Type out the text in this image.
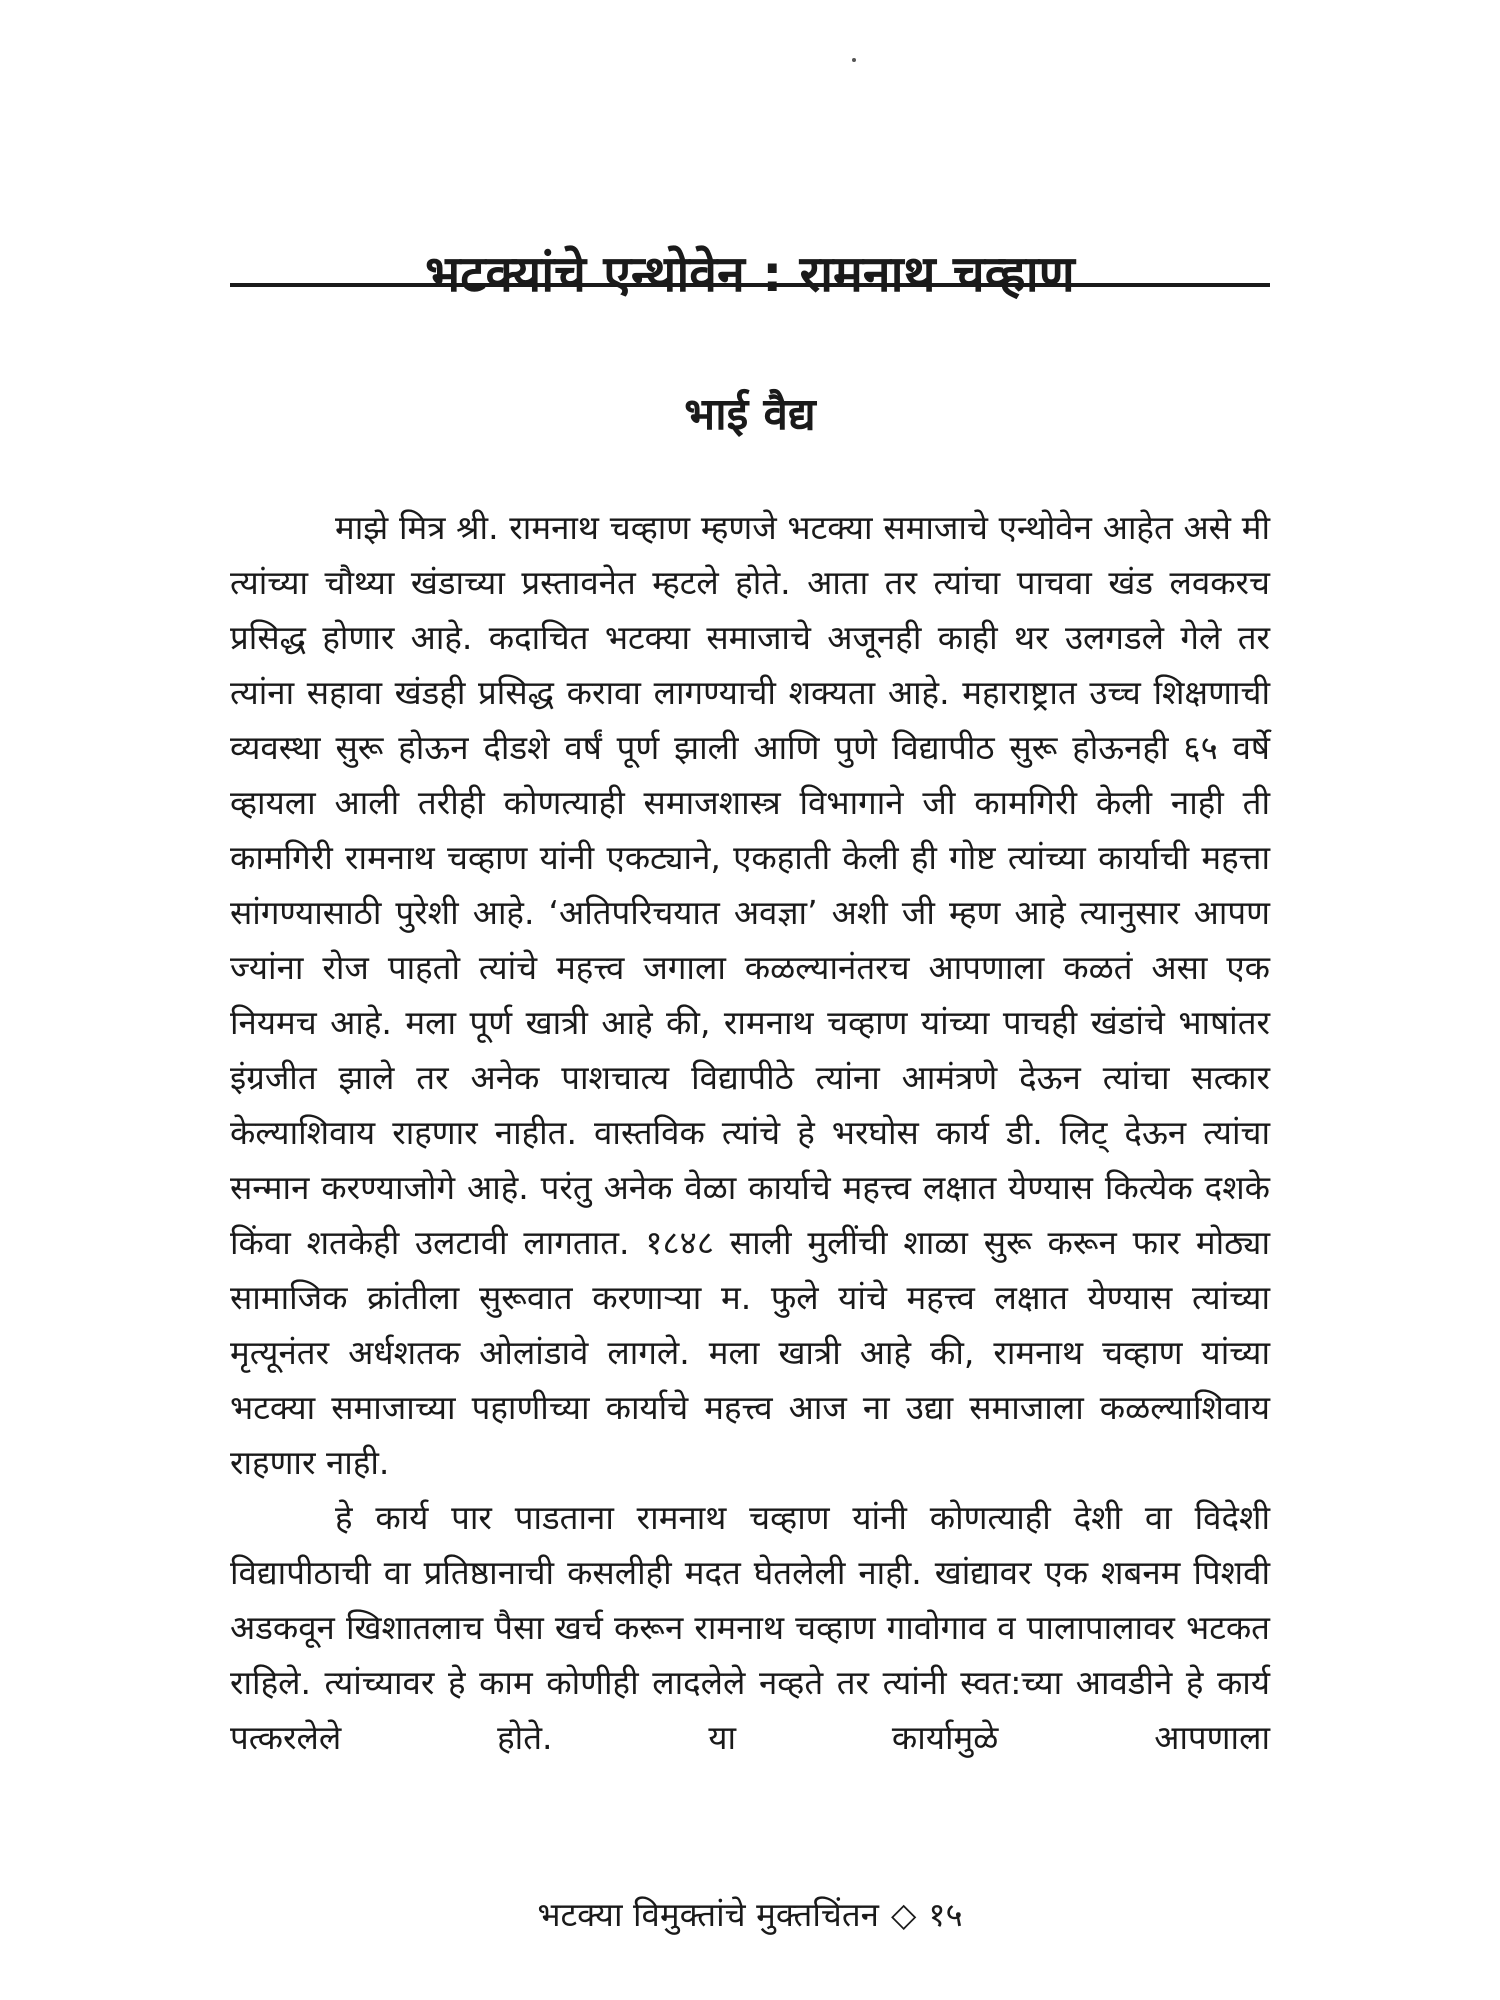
भटक्यांचे एन्थोवेन : रामनाथ चव्हाण
भाई वैद्य

माझे मित्र श्री. रामनाथ चव्हाण म्हणजे भटक्या समाजाचे एन्थोवेन आहेत असे मी त्यांच्या चौथ्या खंडाच्या प्रस्तावनेत म्हटले होते. आता तर त्यांचा पाचवा खंड लवकरच प्रसिद्ध होणार आहे. कदाचित भटक्या समाजाचे अजूनही काही थर उलगडले गेले तर त्यांना सहावा खंडही प्रसिद्ध करावा लागण्याची शक्यता आहे. महाराष्ट्रात उच्च शिक्षणाची व्यवस्था सुरू होऊन दीडशे वर्षं पूर्ण झाली आणि पुणे विद्यापीठ सुरू होऊनही ६५ वर्षे व्हायला आली तरीही कोणत्याही समाजशास्त्र विभागाने जी कामगिरी केली नाही ती कामगिरी रामनाथ चव्हाण यांनी एकट्याने, एकहाती केली ही गोष्ट त्यांच्या कार्याची महत्ता सांगण्यासाठी पुरेशी आहे. ‘अतिपरिचयात अवज्ञा’ अशी जी म्हण आहे त्यानुसार आपण ज्यांना रोज पाहतो त्यांचे महत्त्व जगाला कळल्यानंतरच आपणाला कळतं असा एक नियमच आहे. मला पूर्ण खात्री आहे की, रामनाथ चव्हाण यांच्या पाचही खंडांचे भाषांतर इंग्रजीत झाले तर अनेक पाशचात्य विद्यापीठे त्यांना आमंत्रणे देऊन त्यांचा सत्कार केल्याशिवाय राहणार नाहीत. वास्तविक त्यांचे हे भरघोस कार्य डी. लिट् देऊन त्यांचा सन्मान करण्याजोगे आहे. परंतु अनेक वेळा कार्याचे महत्त्व लक्षात येण्यास कित्येक दशके किंवा शतकेही उलटावी लागतात. १८४८ साली मुलींची शाळा सुरू करून फार मोठ्या सामाजिक क्रांतीला सुरूवात करणाऱ्या म. फुले यांचे महत्त्व लक्षात येण्यास त्यांच्या मृत्यूनंतर अर्धशतक ओलांडावे लागले. मला खात्री आहे की, रामनाथ चव्हाण यांच्या भटक्या समाजाच्या पहाणीच्या कार्याचे महत्त्व आज ना उद्या समाजाला कळल्याशिवाय राहणार नाही.

हे कार्य पार पाडताना रामनाथ चव्हाण यांनी कोणत्याही देशी वा विदेशी विद्यापीठाची वा प्रतिष्ठानाची कसलीही मदत घेतलेली नाही. खांद्यावर एक शबनम पिशवी अडकवून खिशातलाच पैसा खर्च करून रामनाथ चव्हाण गावोगाव व पालापालावर भटकत राहिले. त्यांच्यावर हे काम कोणीही लादलेले नव्हते तर त्यांनी स्वत:च्या आवडीने हे कार्य पत्करलेले होते. या कार्यामुळे आपणाला

भटक्या विमुक्तांचे मुक्तचिंतन ◇ १५
